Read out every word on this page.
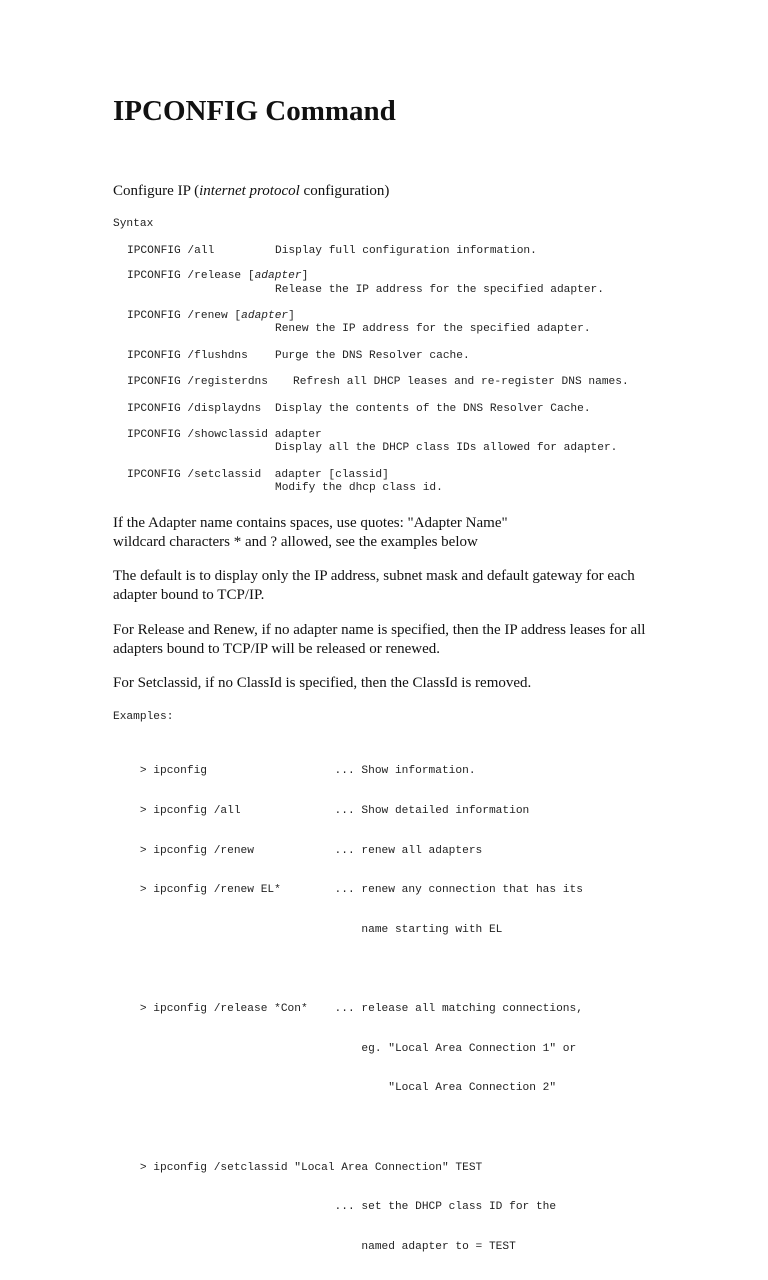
IPCONFIG Command

Configure IP (internet protocol configuration)

Syntax
IPCONFIG /all	Display full configuration information.
IPCONFIG /release [adapter]
Release the IP address for the specified adapter.
IPCONFIG /renew [adapter]
Renew the IP address for the specified adapter.
IPCONFIG /flushdns Purge the DNS Resolver cache.
IPCONFIG /registerdns Refresh all DHCP leases and re-register DNS names.
IPCONFIG /displaydns Display the contents of the DNS Resolver Cache.
IPCONFIG /showclassid adapter
Display all the DHCP class IDs allowed for adapter.
IPCONFIG /setclassid  adapter [classid]
Modify the dhcp class id.

If the Adapter name contains spaces, use quotes: "Adapter Name"
wildcard characters * and ? allowed, see the examples below

The default is to display only the IP address, subnet mask and default gateway for each adapter bound to TCP/IP.

For Release and Renew, if no adapter name is specified, then the IP address leases for all adapters bound to TCP/IP will be released or renewed.

For Setclassid, if no ClassId is specified, then the ClassId is removed.

Examples:

> ipconfig                   ... Show information.

> ipconfig /all              ... Show detailed information

> ipconfig /renew            ... renew all adapters

> ipconfig /renew EL*        ... renew any connection that has its

name starting with EL

> ipconfig /release *Con*    ... release all matching connections,

eg. "Local Area Connection 1" or

"Local Area Connection 2"

> ipconfig /setclassid "Local Area Connection" TEST

... set the DHCP class ID for the

named adapter to = TEST
